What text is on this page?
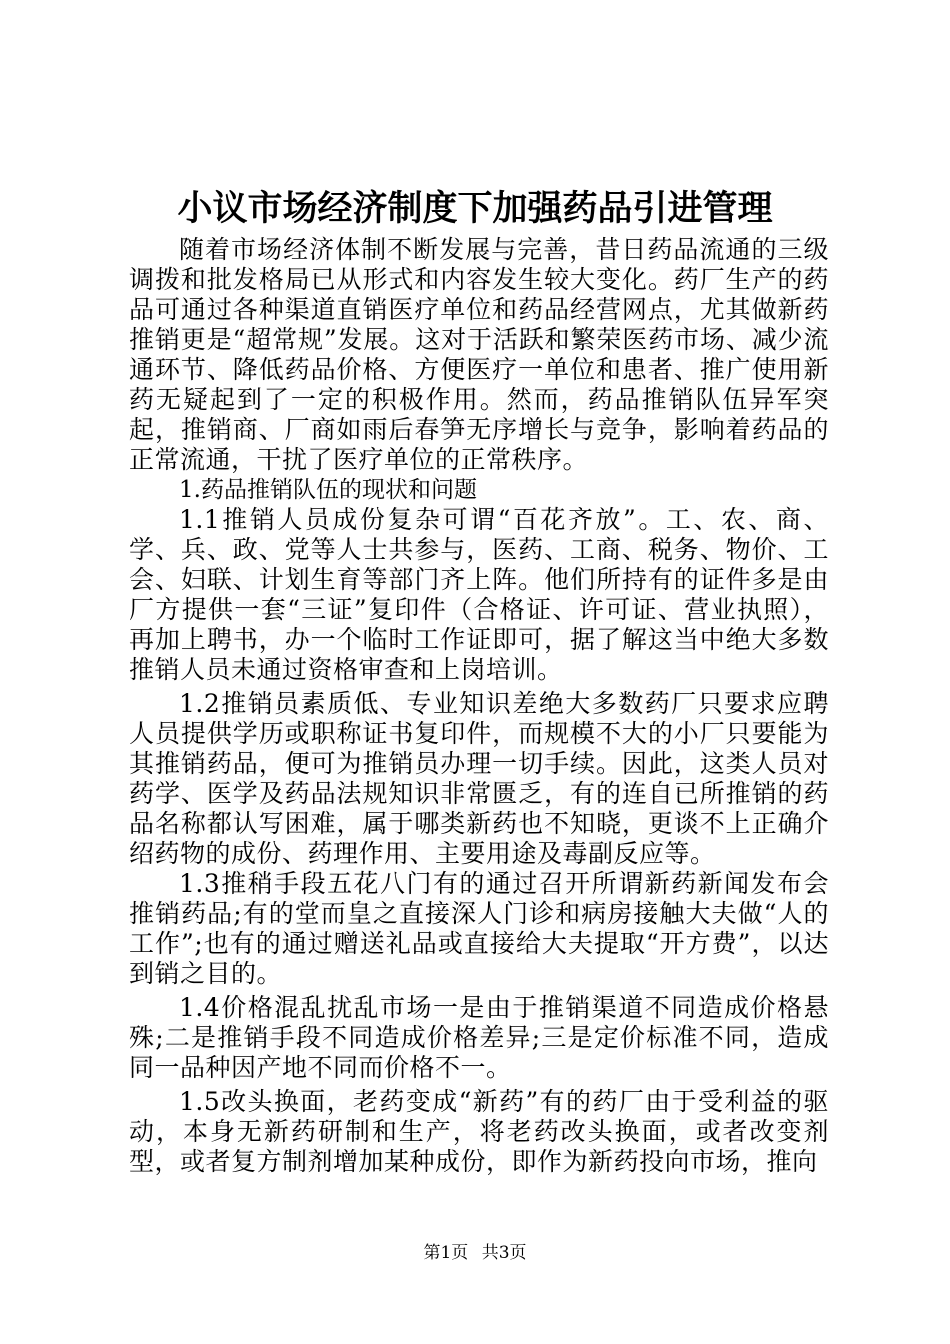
小议市场经济制度下加强药品引进管理

随着市场经济体制不断发展与完善，昔日药品流通的三级调拨和批发格局已从形式和内容发生较大变化。药厂生产的药品可通过各种渠道直销医疗单位和药品经营网点，尤其做新药推销更是“超常规”发展。这对于活跃和繁荣医药市场、减少流通环节、降低药品价格、方便医疗一单位和患者、推广使用新药无疑起到了一定的积极作用。然而，药品推销队伍异军突起，推销商、厂商如雨后春笋无序增长与竞争，影响着药品的正常流通，干扰了医疗单位的正常秩序。

1.药品推销队伍的现状和问题

1.1推销人员成份复杂可谓“百花齐放”。工、农、商、学、兵、政、党等人士共参与，医药、工商、税务、物价、工会、妇联、计划生育等部门齐上阵。他们所持有的证件多是由厂方提供一套“三证”复印件（合格证、许可证、营业执照），再加上聘书，办一个临时工作证即可，据了解这当中绝大多数推销人员未通过资格审查和上岗培训。

1.2推销员素质低、专业知识差绝大多数药厂只要求应聘人员提供学历或职称证书复印件，而规模不大的小厂只要能为其推销药品，便可为推销员办理一切手续。因此，这类人员对药学、医学及药品法规知识非常匮乏，有的连自已所推销的药品名称都认写困难，属于哪类新药也不知晓，更谈不上正确介绍药物的成份、药理作用、主要用途及毒副反应等。

1.3推稍手段五花八门有的通过召开所谓新药新闻发布会推销药品;有的堂而皇之直接深人门诊和病房接触大夫做“人的工作”;也有的通过赠送礼品或直接给大夫提取“开方费”，以达到销之目的。

1.4价格混乱扰乱市场一是由于推销渠道不同造成价格悬殊;二是推销手段不同造成价格差异;三是定价标准不同，造成同一品种因产地不同而价格不一。

1.5改头换面，老药变成“新药”有的药厂由于受利益的驱动，本身无新药研制和生产，将老药改头换面，或者改变剂型，或者复方制剂增加某种成份，即作为新药投向市场，推向

第1页 共3页
